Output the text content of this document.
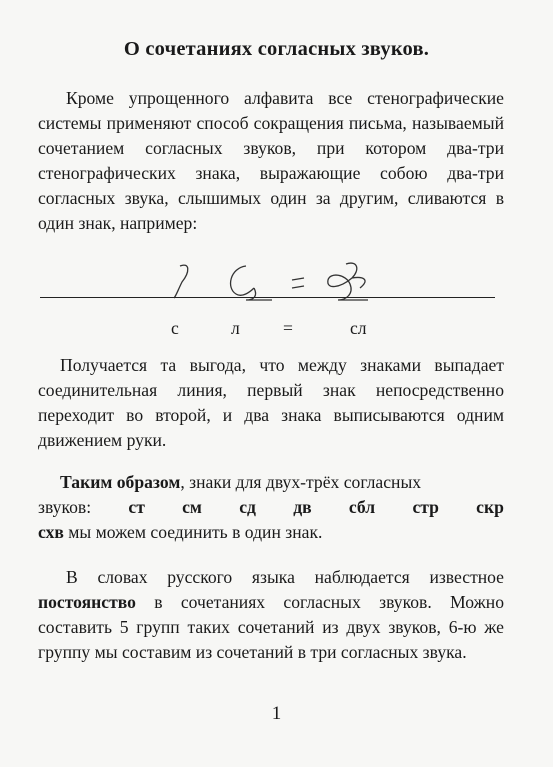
О сочетаниях согласных звуков.
Кроме упрощенного алфавита все стенографические системы применяют способ сокращения письма, называемый сочетанием согласных звуков, при котором два-три стенографических знака, выражающие собою два-три согласных звука, слышимых один за другим, сливаются в один знак, например:
с	л =	сл
Получается та выгода, что между знаками выпадает соединительная линия, первый знак непосредственно переходит во второй, и два знака выписываются одним движением руки.
Таким образом, знаки для двух-трёх согласных
звуков: ст см сд дв сбл стр скр
схв мы можем соединить в один знак.
В словах русского языка наблюдается известное постоянство в сочетаниях согласных звуков. Можно составить 5 групп таких сочетаний из двух звуков, 6-ю же группу мы составим из сочетаний в три согласных звука.
1
